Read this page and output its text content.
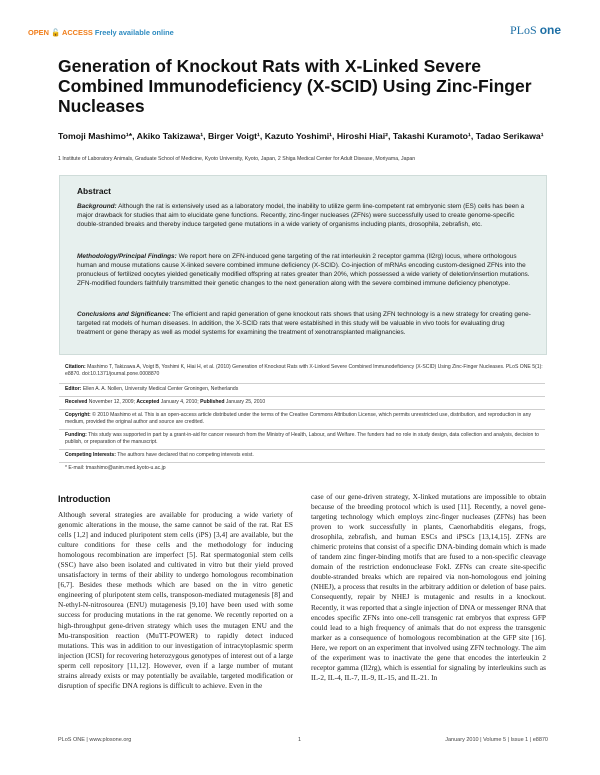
OPEN 🔓 ACCESS Freely available online	PLoS one
Generation of Knockout Rats with X-Linked Severe Combined Immunodeficiency (X-SCID) Using Zinc-Finger Nucleases
Tomoji Mashimo¹*, Akiko Takizawa¹, Birger Voigt¹, Kazuto Yoshimi¹, Hiroshi Hiai², Takashi Kuramoto¹, Tadao Serikawa¹
1 Institute of Laboratory Animals, Graduate School of Medicine, Kyoto University, Kyoto, Japan, 2 Shiga Medical Center for Adult Disease, Moriyama, Japan
Abstract
Background: Although the rat is extensively used as a laboratory model, the inability to utilize germ line-competent rat embryonic stem (ES) cells has been a major drawback for studies that aim to elucidate gene functions. Recently, zinc-finger nucleases (ZFNs) were successfully used to create genome-specific double-stranded breaks and thereby induce targeted gene mutations in a wide variety of organisms including plants, drosophila, zebrafish, etc.
Methodology/Principal Findings: We report here on ZFN-induced gene targeting of the rat interleukin 2 receptor gamma (Il2rg) locus, where orthologous human and mouse mutations cause X-linked severe combined immune deficiency (X-SCID). Co-injection of mRNAs encoding custom-designed ZFNs into the pronucleus of fertilized oocytes yielded genetically modified offspring at rates greater than 20%, which possessed a wide variety of deletion/insertion mutations. ZFN-modified founders faithfully transmitted their genetic changes to the next generation along with the severe combined immune deficiency phenotype.
Conclusions and Significance: The efficient and rapid generation of gene knockout rats shows that using ZFN technology is a new strategy for creating gene-targeted rat models of human diseases. In addition, the X-SCID rats that were established in this study will be valuable in vivo tools for evaluating drug treatment or gene therapy as well as model systems for examining the treatment of xenotransplanted malignancies.
Citation: Mashimo T, Takizawa A, Voigt B, Yoshimi K, Hiai H, et al. (2010) Generation of Knockout Rats with X-Linked Severe Combined Immunodeficiency (X-SCID) Using Zinc-Finger Nucleases. PLoS ONE 5(1): e8870. doi:10.1371/journal.pone.0008870
Editor: Ellen A. A. Nollen, University Medical Center Groningen, Netherlands
Received November 12, 2009; Accepted January 4, 2010; Published January 25, 2010
Copyright: © 2010 Mashimo et al. This is an open-access article distributed under the terms of the Creative Commons Attribution License, which permits unrestricted use, distribution, and reproduction in any medium, provided the original author and source are credited.
Funding: This study was supported in part by a grant-in-aid for cancer research from the Ministry of Health, Labour, and Welfare. The funders had no role in study design, data collection and analysis, decision to publish, or preparation of the manuscript.
Competing Interests: The authors have declared that no competing interests exist.
* E-mail: tmashimo@anim.med.kyoto-u.ac.jp
Introduction
Although several strategies are available for producing a wide variety of genomic alterations in the mouse, the same cannot be said of the rat. Rat ES cells [1,2] and induced pluripotent stem cells (iPS) [3,4] are available, but the culture conditions for these cells and the methodology for inducing homologous recombination are imperfect [5]. Rat spermatogonial stem cells (SSC) have also been isolated and cultivated in vitro but their yield proved unsatisfactory in terms of their ability to undergo homologous recombination [6,7]. Besides these methods which are based on the in vitro genetic engineering of pluripotent stem cells, transposon-mediated mutagenesis [8] and N-ethyl-N-nitrosourea (ENU) mutagenesis [9,10] have been used with some success for producing mutations in the rat genome. We recently reported on a high-throughput gene-driven strategy which uses the mutagen ENU and the Mu-transposition reaction (MuTT-POWER) to rapidly detect induced mutations. This was in addition to our investigation of intracytoplasmic sperm injection (ICSI) for recovering heterozygous genotypes of interest out of a large sperm cell repository [11,12]. However, even if a large number of mutant strains already exists or may potentially be available, targeted modification or disruption of specific DNA regions is difficult to achieve. Even in the
case of our gene-driven strategy, X-linked mutations are impossible to obtain because of the breeding protocol which is used [11]. Recently, a novel gene-targeting technology which employs zinc-finger nucleases (ZFNs) has been proven to work successfully in plants, Caenorhabditis elegans, frogs, drosophila, zebrafish, and human ESCs and iPSCs [13,14,15]. ZFNs are chimeric proteins that consist of a specific DNA-binding domain which is made of tandem zinc finger-binding motifs that are fused to a non-specific cleavage domain of the restriction endonuclease FokI. ZFNs can create site-specific double-stranded breaks which are repaired via non-homologous end joining (NHEJ), a process that results in the arbitrary addition or deletion of base pairs. Consequently, repair by NHEJ is mutagenic and results in a knockout. Recently, it was reported that a single injection of DNA or messenger RNA that encodes specific ZFNs into one-cell transgenic rat embryos that express GFP could lead to a high frequency of animals that do not express the transgenic marker as a consequence of homologous recombination at the GFP site [16]. Here, we report on an experiment that involved using ZFN technology. The aim of the experiment was to inactivate the gene that encodes the interleukin 2 receptor gamma (Il2rg), which is essential for signaling by interleukins such as IL-2, IL-4, IL-7, IL-9, IL-15, and IL-21. In
PLoS ONE | www.plosone.org	1	January 2010 | Volume 5 | Issue 1 | e8870
